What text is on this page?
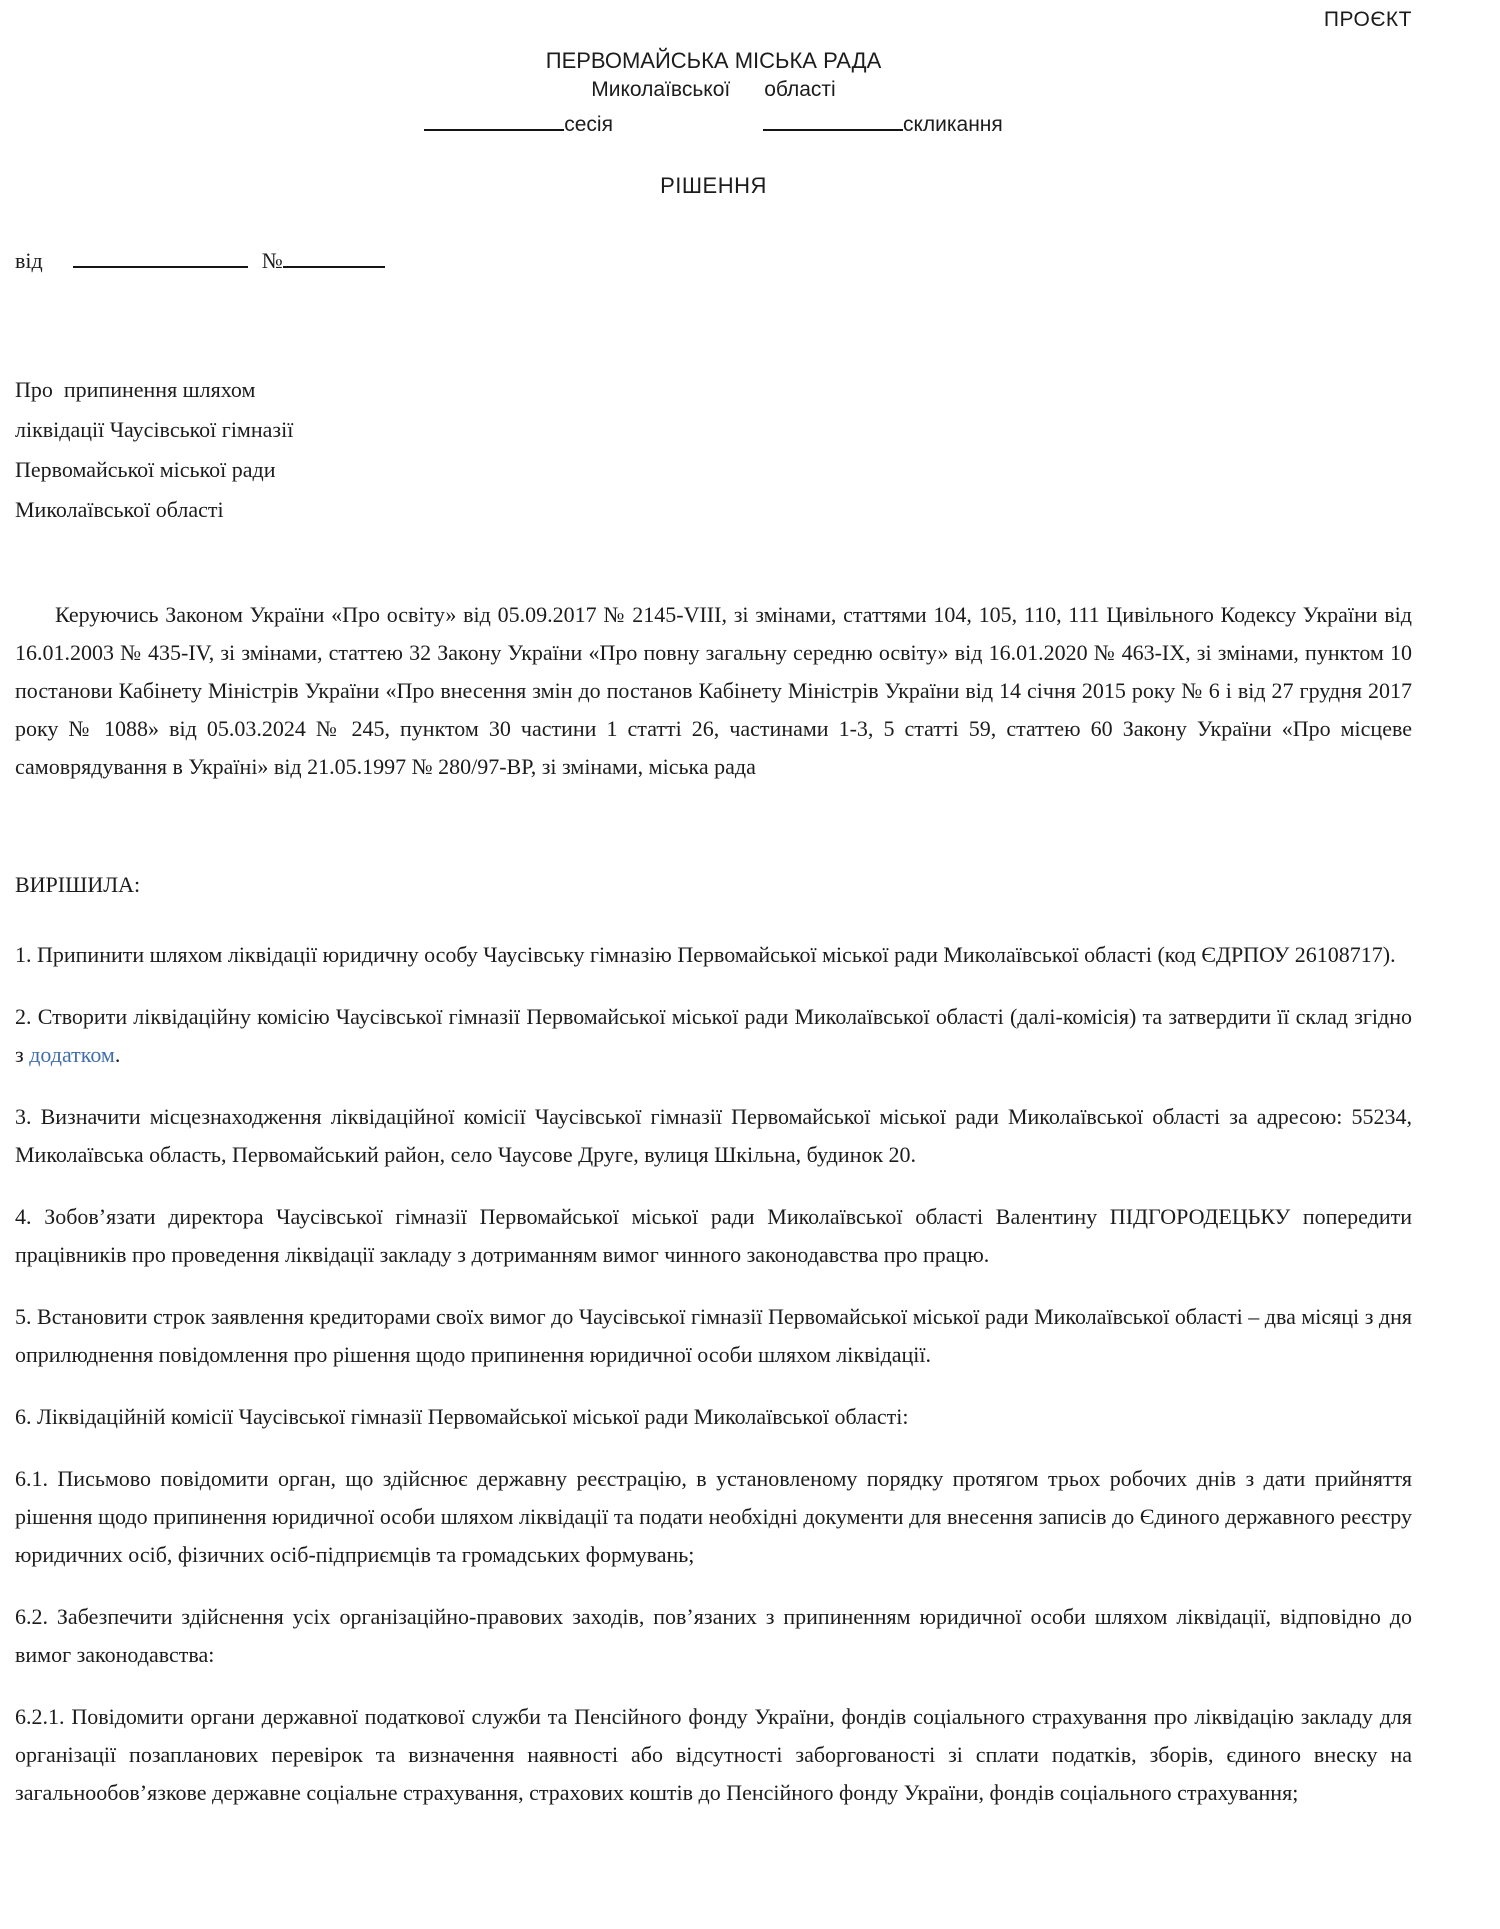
ПРОЄКТ
ПЕРВОМАЙСЬКА МІСЬКА РАДА
Миколаївської області
сесія	скликання
РІШЕННЯ
від	№
Про  припинення шляхом
ліквідації Чаусівської гімназії
Первомайської міської ради
Миколаївської області

Керуючись Законом України «Про освіту» від 05.09.2017 № 2145-VIII, зі змінами, статтями 104, 105, 110, 111 Цивільного Кодексу України від 16.01.2003 № 435-IV, зі змінами, статтею 32 Закону України «Про повну загальну середню освіту» від 16.01.2020 № 463-IX, зі змінами, пунктом 10 постанови Кабінету Міністрів України «Про внесення змін до постанов Кабінету Міністрів України від 14 січня 2015 року № 6 і від 27 грудня 2017 року № 1088» від 05.03.2024 № 245, пунктом 30 частини 1 статті 26, частинами 1-3, 5 статті 59, статтею 60 Закону України «Про місцеве самоврядування в Україні» від 21.05.1997 № 280/97-ВР, зі змінами, міська рада

ВИРІШИЛА:

1. Припинити шляхом ліквідації юридичну особу Чаусівську гімназію Первомайської міської ради Миколаївської області (код ЄДРПОУ 26108717).

2. Створити ліквідаційну комісію Чаусівської гімназії Первомайської міської ради Миколаївської області (далі-комісія) та затвердити її склад згідно з додатком.

3. Визначити місцезнаходження ліквідаційної комісії Чаусівської гімназії Первомайської міської ради Миколаївської області за адресою: 55234, Миколаївська область, Первомайський район, село Чаусове Друге, вулиця Шкільна, будинок 20.

4. Зобов’язати директора Чаусівської гімназії Первомайської міської ради Миколаївської області Валентину ПІДГОРОДЕЦЬКУ попередити працівників про проведення ліквідації закладу з дотриманням вимог чинного законодавства про працю.

5. Встановити строк заявлення кредиторами своїх вимог до Чаусівської гімназії Первомайської міської ради Миколаївської області – два місяці з дня оприлюднення повідомлення про рішення щодо припинення юридичної особи шляхом ліквідації.

6. Ліквідаційній комісії Чаусівської гімназії Первомайської міської ради Миколаївської області:

6.1. Письмово повідомити орган, що здійснює державну реєстрацію, в установленому порядку протягом трьох робочих днів з дати прийняття рішення щодо припинення юридичної особи шляхом ліквідації та подати необхідні документи для внесення записів до Єдиного державного реєстру юридичних осіб, фізичних осіб-підприємців та громадських формувань;

6.2. Забезпечити здійснення усіх організаційно-правових заходів, пов’язаних з припиненням юридичної особи шляхом ліквідації, відповідно до вимог законодавства:

6.2.1. Повідомити органи державної податкової служби та Пенсійного фонду України, фондів соціального страхування про ліквідацію закладу для організації позапланових перевірок та визначення наявності або відсутності заборгованості зі сплати податків, зборів, єдиного внеску на загальнообов’язкове державне соціальне страхування, страхових коштів до Пенсійного фонду України, фондів соціального страхування;
